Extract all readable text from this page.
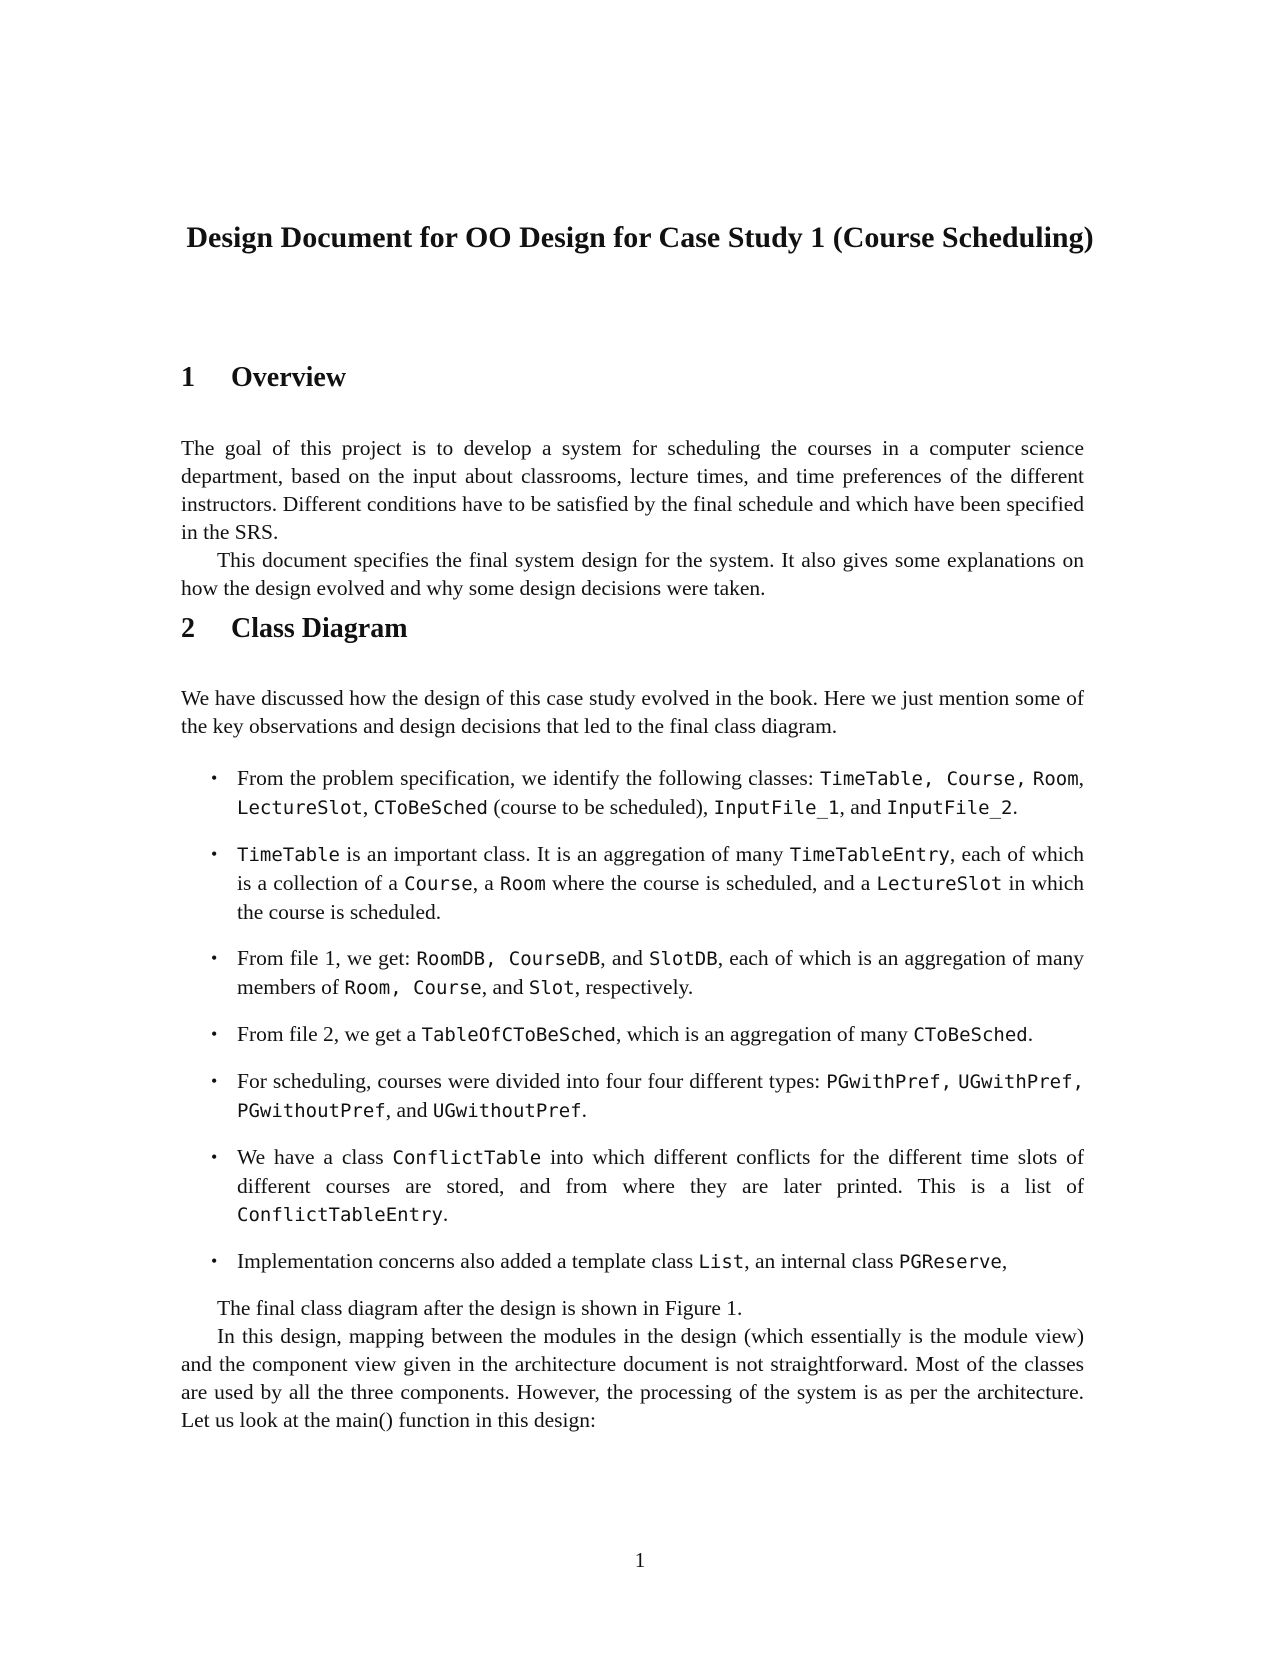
Design Document for OO Design for Case Study 1 (Course Scheduling)
1 Overview

The goal of this project is to develop a system for scheduling the courses in a computer science department, based on the input about classrooms, lecture times, and time preferences of the different instructors. Different conditions have to be satisfied by the final schedule and which have been specified in the SRS.

This document specifies the final system design for the system. It also gives some explanations on how the design evolved and why some design decisions were taken.

2 Class Diagram

We have discussed how the design of this case study evolved in the book. Here we just mention some of the key observations and design decisions that led to the final class diagram.

• From the problem specification, we identify the following classes: TimeTable, Course, Room, LectureSlot, CToBeSched (course to be scheduled), InputFile_1, and InputFile_2.
• TimeTable is an important class. It is an aggregation of many TimeTableEntry, each of which is a collection of a Course, a Room where the course is scheduled, and a LectureSlot in which the course is scheduled.
• From file 1, we get: RoomDB, CourseDB, and SlotDB, each of which is an aggregation of many members of Room, Course, and Slot, respectively.
• From file 2, we get a TableOfCToBeSched, which is an aggregation of many CToBeSched.
• For scheduling, courses were divided into four four different types: PGwithPref, UGwithPref, PGwithoutPref, and UGwithoutPref.
• We have a class ConflictTable into which different conflicts for the different time slots of different courses are stored, and from where they are later printed. This is a list of ConflictTableEntry.
• Implementation concerns also added a template class List, an internal class PGReserve,

The final class diagram after the design is shown in Figure 1.

In this design, mapping between the modules in the design (which essentially is the module view) and the component view given in the architecture document is not straightforward. Most of the classes are used by all the three components. However, the processing of the system is as per the architecture. Let us look at the main() function in this design:

1
